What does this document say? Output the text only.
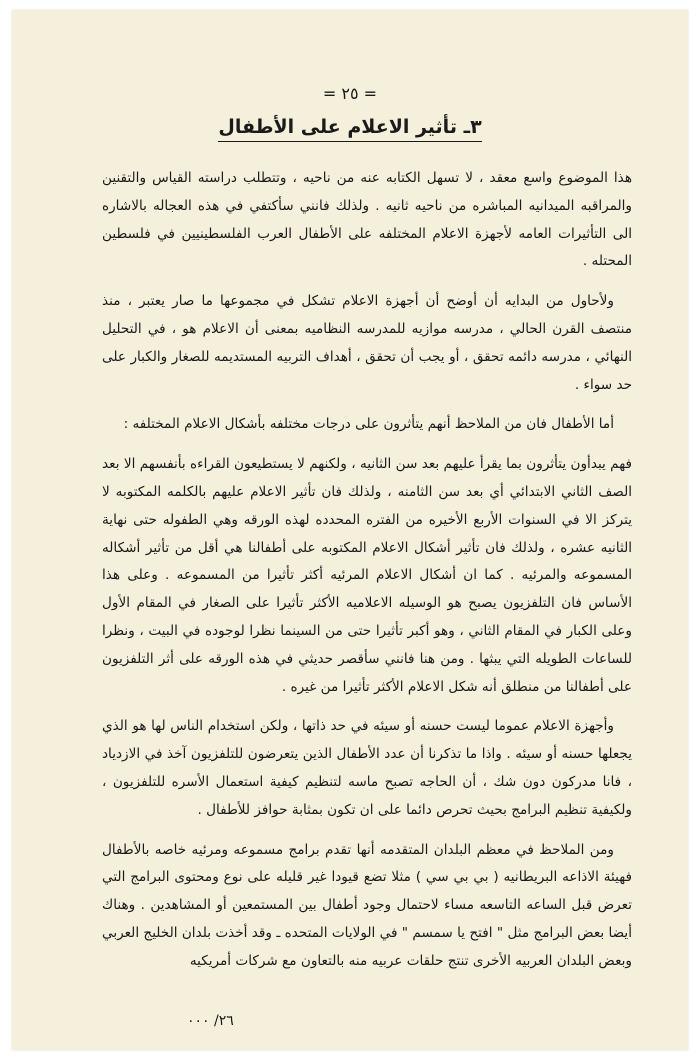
= ٢٥ =
٣ـ تأثير الاعلام على الأطفال

هذا الموضوع واسع معقد ، لا تسهل الكتابه عنه من ناحيه ، وتتطلب دراسته القياس والتقنين والمراقبه الميدانيه المباشره من ناحيه ثانيه . ولذلك فانني سأكتفي في هذه العجاله بالاشاره الى التأثيرات العامه لأجهزة الاعلام المختلفه على الأطفال العرب الفلسطينيين في فلسطين المحتله .

ولأحاول من البدايه أن أوضح أن أجهزة الاعلام تشكل في مجموعها ما صار يعتبر ، منذ منتصف القرن الحالي ، مدرسه موازيه للمدرسه النظاميه بمعنى أن الاعلام هو ، في التحليل النهائي ، مدرسه دائمه تحقق ، أو يجب أن تحقق ، أهداف التربيه المستديمه للصغار والكبار على حد سواء .

أما الأطفال فان من الملاحظ أنهم يتأثرون على درجات مختلفه بأشكال الاعلام المختلفه :

فهم يبدأون يتأثرون بما يقرأ عليهم بعد سن الثانيه ، ولكنهم لا يستطيعون القراءه بأنفسهم الا بعد الصف الثاني الابتدائي أي بعد سن الثامنه ، ولذلك فان تأثير الاعلام عليهم بالكلمه المكتوبه لا يتركز الا في السنوات الأربع الأخيره من الفتره المحدده لهذه الورقه وهي الطفوله حتى نهاية الثانيه عشره ، ولذلك فان تأثير أشكال الاعلام المكتوبه على أطفالنا هي أقل من تأثير أشكاله المسموعه والمرئيه . كما ان أشكال الاعلام المرئيه أكثر تأثيرا من المسموعه . وعلى هذا الأساس فان التلفزيون يصبح هو الوسيله الاعلاميه الأكثر تأثيرا على الصغار في المقام الأول وعلى الكبار في المقام الثاني ، وهو أكبر تأثيرا حتى من السينما نظرا لوجوده في البيت ، ونظرا للساعات الطويله التي يبثها . ومن هنا فانني سأقصر حديثي في هذه الورقه على أثر التلفزيون على أطفالنا من منطلق أنه شكل الاعلام الأكثر تأثيرا من غيره .

وأجهزة الاعلام عموما ليست حسنه أو سيئه في حد ذاتها ، ولكن استخدام الناس لها هو الذي يجعلها حسنه أو سيئه . واذا ما تذكرنا أن عدد الأطفال الذين يتعرضون للتلفزيون آخذ في الازدياد ، فانا مدركون دون شك ، أن الحاجه تصبح ماسه لتنظيم كيفية استعمال الأسره للتلفزيون ، ولكيفية تنظيم البرامج بحيث تحرص دائما على ان تكون بمثابة حوافز للأطفال .

ومن الملاحظ في معظم البلدان المتقدمه أنها تقدم برامج مسموعه ومرئيه خاصه بالأطفال فهيئة الاذاعه البريطانيه ( بي بي سي ) مثلا تضع قيودا غير قليله على نوع ومحتوى البرامج التي تعرض قبل الساعه التاسعه مساء لاحتمال وجود أطفال بين المستمعين أو المشاهدين . وهناك أيضا بعض البرامج مثل " افتح يا سمسم " في الولايات المتحده ـ وقد أخذت بلدان الخليج العربي وبعض البلدان العربيه الأخرى تنتج حلقات عربيه منه بالتعاون مع شركات أمريكيه

٢٦/ ٠٠٠
